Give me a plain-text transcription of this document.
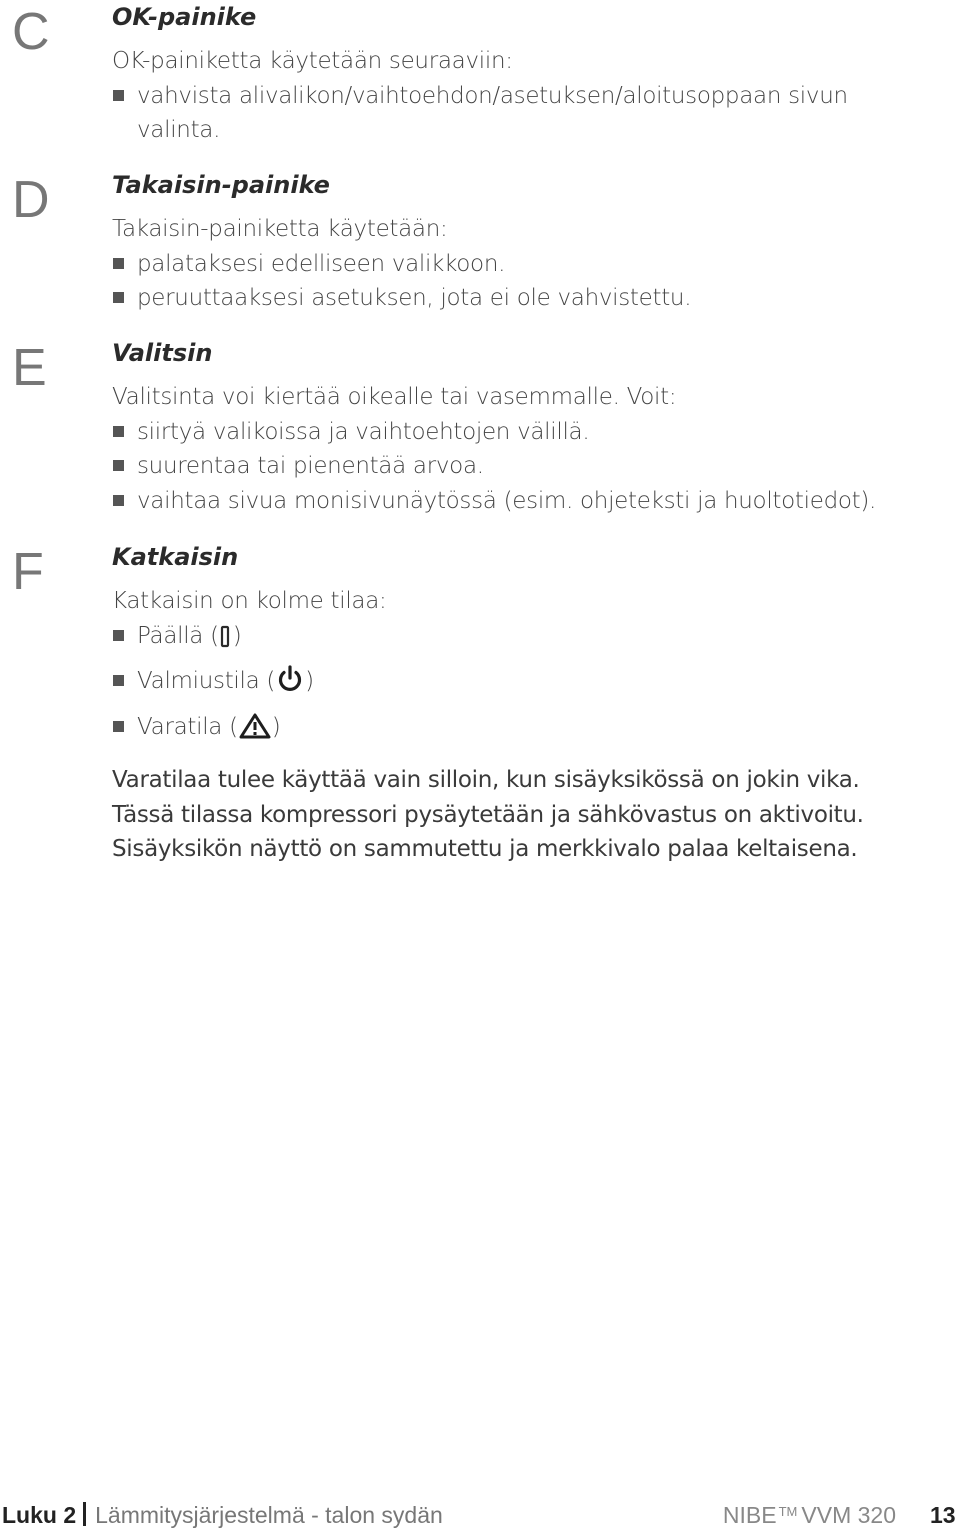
C	OK-painike
OK-painiketta käytetään seuraaviin:
vahvista alivalikon/vaihtoehdon/asetuksen/aloitusoppaan sivun
valinta.
D	Takaisin-painike
Takaisin-painiketta käytetään:
palataksesi edelliseen valikkoon.
peruuttaaksesi asetuksen, jota ei ole vahvistettu.
E	Valitsin
Valitsinta voi kiertää oikealle tai vasemmalle. Voit:
siirtyä valikoissa ja vaihtoehtojen välillä.
suurentaa tai pienentää arvoa.
vaihtaa sivua monisivunäytössä (esim. ohjeteksti ja huoltotiedot).
F	Katkaisin
Katkaisin on kolme tilaa:
Päällä ( )
Valmiustila ( )
Varatila ( )
Varatilaa tulee käyttää vain silloin, kun sisäyksikössä on jokin vika.
Tässä tilassa kompressori pysäytetään ja sähkövastus on aktivoitu.
Sisäyksikön näyttö on sammutettu ja merkkivalo palaa keltaisena.
Luku 2 Lämmitysjärjestelmä - talon sydän	NIBE ™ VVM 320 13
